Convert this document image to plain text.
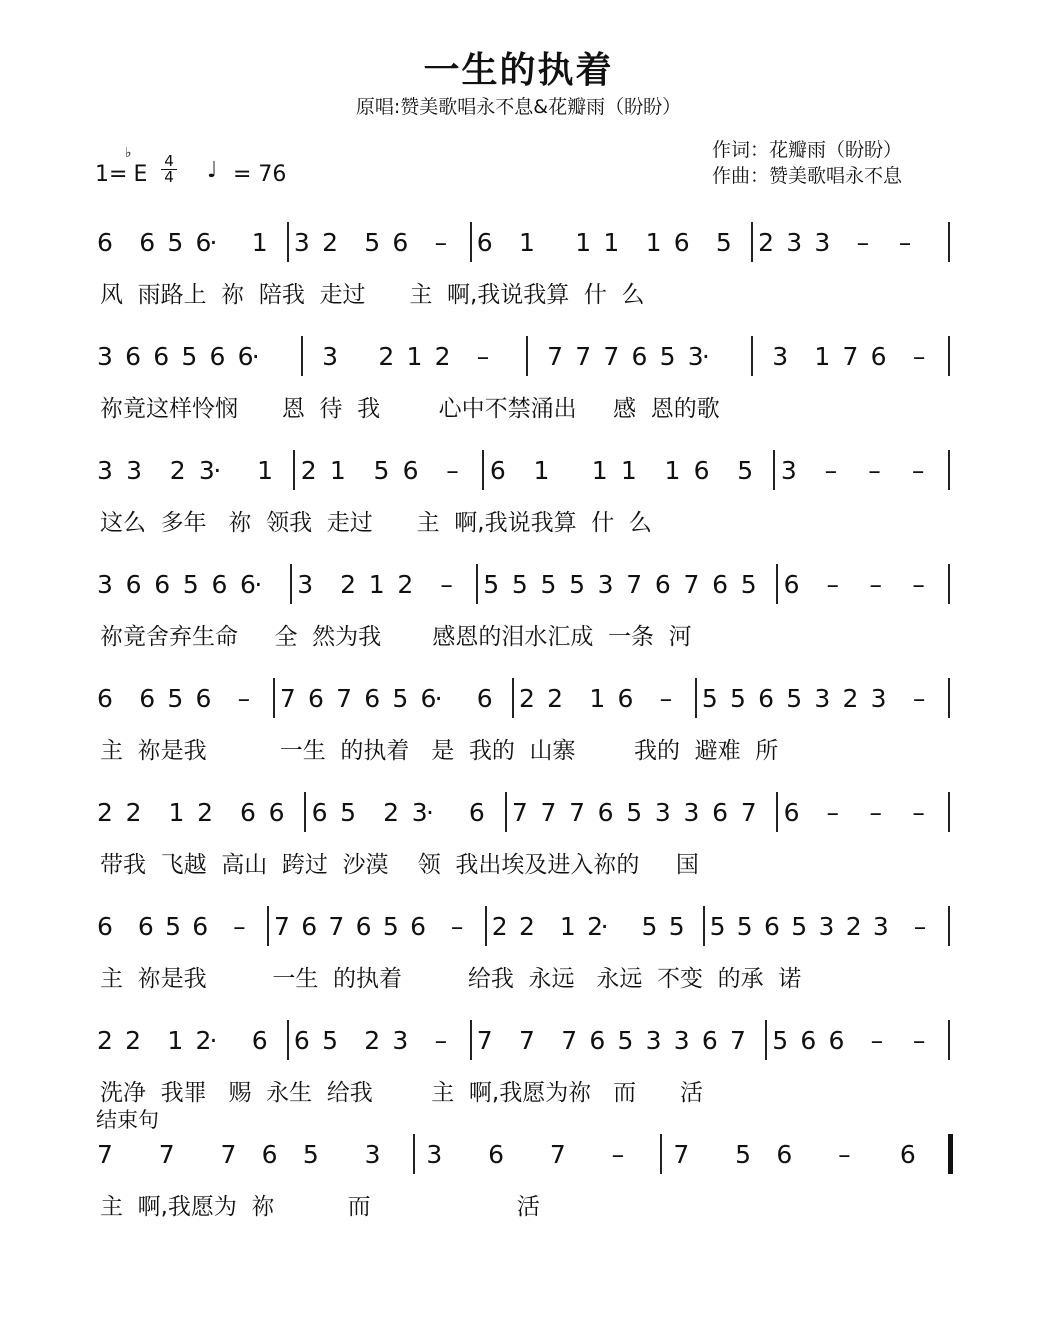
一生的执着
原唱:赞美歌唱永不息&花瓣雨（盼盼）
作词：花瓣雨（盼盼）
作曲：赞美歌唱永不息
1= E
♭ 4
4 ♩ = 76
6 6 5 6
· 1 3 2 5 6 – 6 1 1 1 1 6 5 2 3 3 – –
风  雨路上  祢  陪我  走过      主  啊,我说我算  什  么
3 6 6 5 6 6
· 3 2 1 2 – 7 7 7 6 5 3
· 3 1 7 6 –
祢竟这样怜悯      恩  待  我        心中不禁涌出     感  恩的歌
3 3 2 3
· 1 2 1 5 6 – 6 1 1 1 1 6 5 3 – – –
这么  多年   祢  领我  走过      主  啊,我说我算  什  么
3 6 6 5 6 6
· 3 2 1 2 – 5 5 5 5 3 7 6 7 6 5 6 – – –
祢竟舍弃生命     全  然为我       感恩的泪水汇成  一条  河
6 6 5 6 – 7 6 7 6 5 6
· 6 2 2 1 6 – 5 5 6 5 3 2 3 –
主  祢是我          一生  的执着   是  我的  山寨        我的  避难  所
2 2 1 2 6 6 6 5 2 3
· 6 7 7 7 6 5 3 3 6 7 6 – – –
带我  飞越  高山  跨过  沙漠    领  我出埃及进入祢的     国
6 6 5 6 – 7 6 7 6 5 6 – 2 2 1 2
· 5 5 5 5 6 5 3 2 3 –
主  祢是我         一生  的执着         给我  永远   永远  不变  的承  诺
2 2 1 2
· 6 6 5 2 3 – 7 7 7 6 5 3 3 6 7 5 6 6 – –
洗净  我罪   赐  永生  给我        主  啊,我愿为祢   而      活
结束句
7 7 7 6 5 3 3 6 7 – 7 5 6 – 6
主  啊,我愿为  祢          而                    活
